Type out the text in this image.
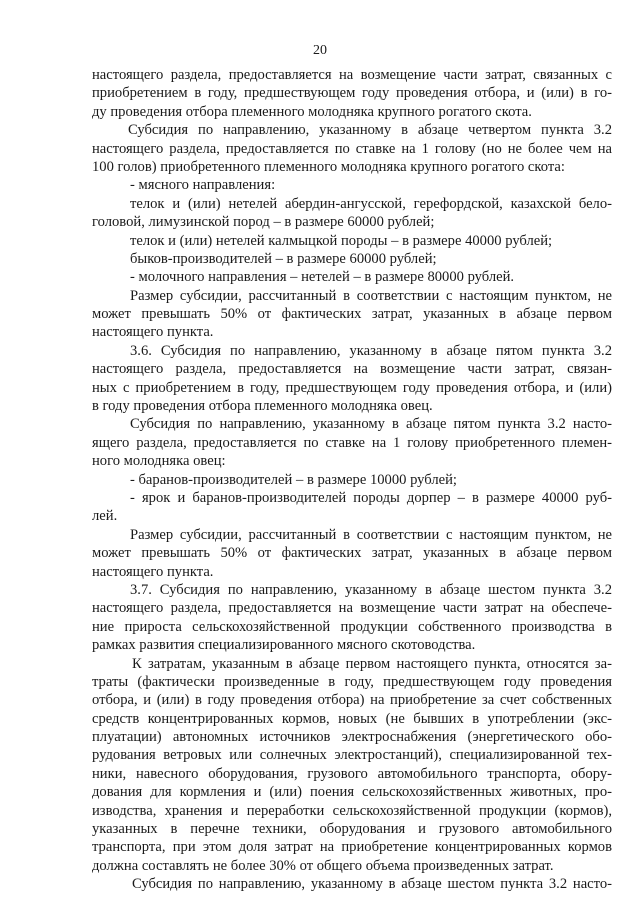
20
настоящего раздела, предоставляется на возмещение части затрат, связанных с
приобретением в году, предшествующем году проведения отбора, и (или) в го-
ду проведения отбора племенного молодняка крупного рогатого скота.
Субсидия по направлению, указанному в абзаце четвертом пункта 3.2
настоящего раздела, предоставляется по ставке на 1 голову (но не более чем на
100 голов) приобретенного племенного молодняка крупного рогатого скота:
- мясного направления:
телок и (или) нетелей абердин-ангусской, герефордской, казахской бело-
головой, лимузинской пород – в размере 60000 рублей;
телок и (или) нетелей калмыцкой породы – в размере 40000 рублей;
быков-производителей – в размере 60000 рублей;
- молочного направления – нетелей – в размере 80000 рублей.
Размер субсидии, рассчитанный в соответствии с настоящим пунктом, не
может превышать 50% от фактических затрат, указанных в абзаце первом
настоящего пункта.
3.6. Субсидия по направлению, указанному в абзаце пятом пункта 3.2
настоящего раздела, предоставляется на возмещение части затрат, связан-
ных с приобретением в году, предшествующем году проведения отбора, и (или)
в году проведения отбора племенного молодняка овец.
Субсидия по направлению, указанному в абзаце пятом пункта 3.2 насто-
ящего раздела, предоставляется по ставке на 1 голову приобретенного племен-
ного молодняка овец:
- баранов-производителей – в размере 10000 рублей;
- ярок и баранов-производителей породы дорпер – в размере 40000 руб-
лей.
Размер субсидии, рассчитанный в соответствии с настоящим пунктом, не
может превышать 50% от фактических затрат, указанных в абзаце первом
настоящего пункта.
3.7. Субсидия по направлению, указанному в абзаце шестом пункта 3.2
настоящего раздела, предоставляется на возмещение части затрат на обеспече-
ние прироста сельскохозяйственной продукции собственного производства в
рамках развития специализированного мясного скотоводства.
К затратам, указанным в абзаце первом настоящего пункта, относятся за-
траты (фактически произведенные в году, предшествующем году проведения
отбора, и (или) в году проведения отбора) на приобретение за счет собственных
средств концентрированных кормов, новых (не бывших в употреблении (экс-
плуатации) автономных источников электроснабжения (энергетического обо-
рудования ветровых или солнечных электростанций), специализированной тех-
ники, навесного оборудования, грузового автомобильного транспорта, обору-
дования для кормления и (или) поения сельскохозяйственных животных, про-
изводства, хранения и переработки сельскохозяйственной продукции (кормов),
указанных в перечне техники, оборудования и грузового автомобильного
транспорта, при этом доля затрат на приобретение концентрированных кормов
должна составлять не более 30% от общего объема произведенных затрат.
Субсидия по направлению, указанному в абзаце шестом пункта 3.2 насто-
